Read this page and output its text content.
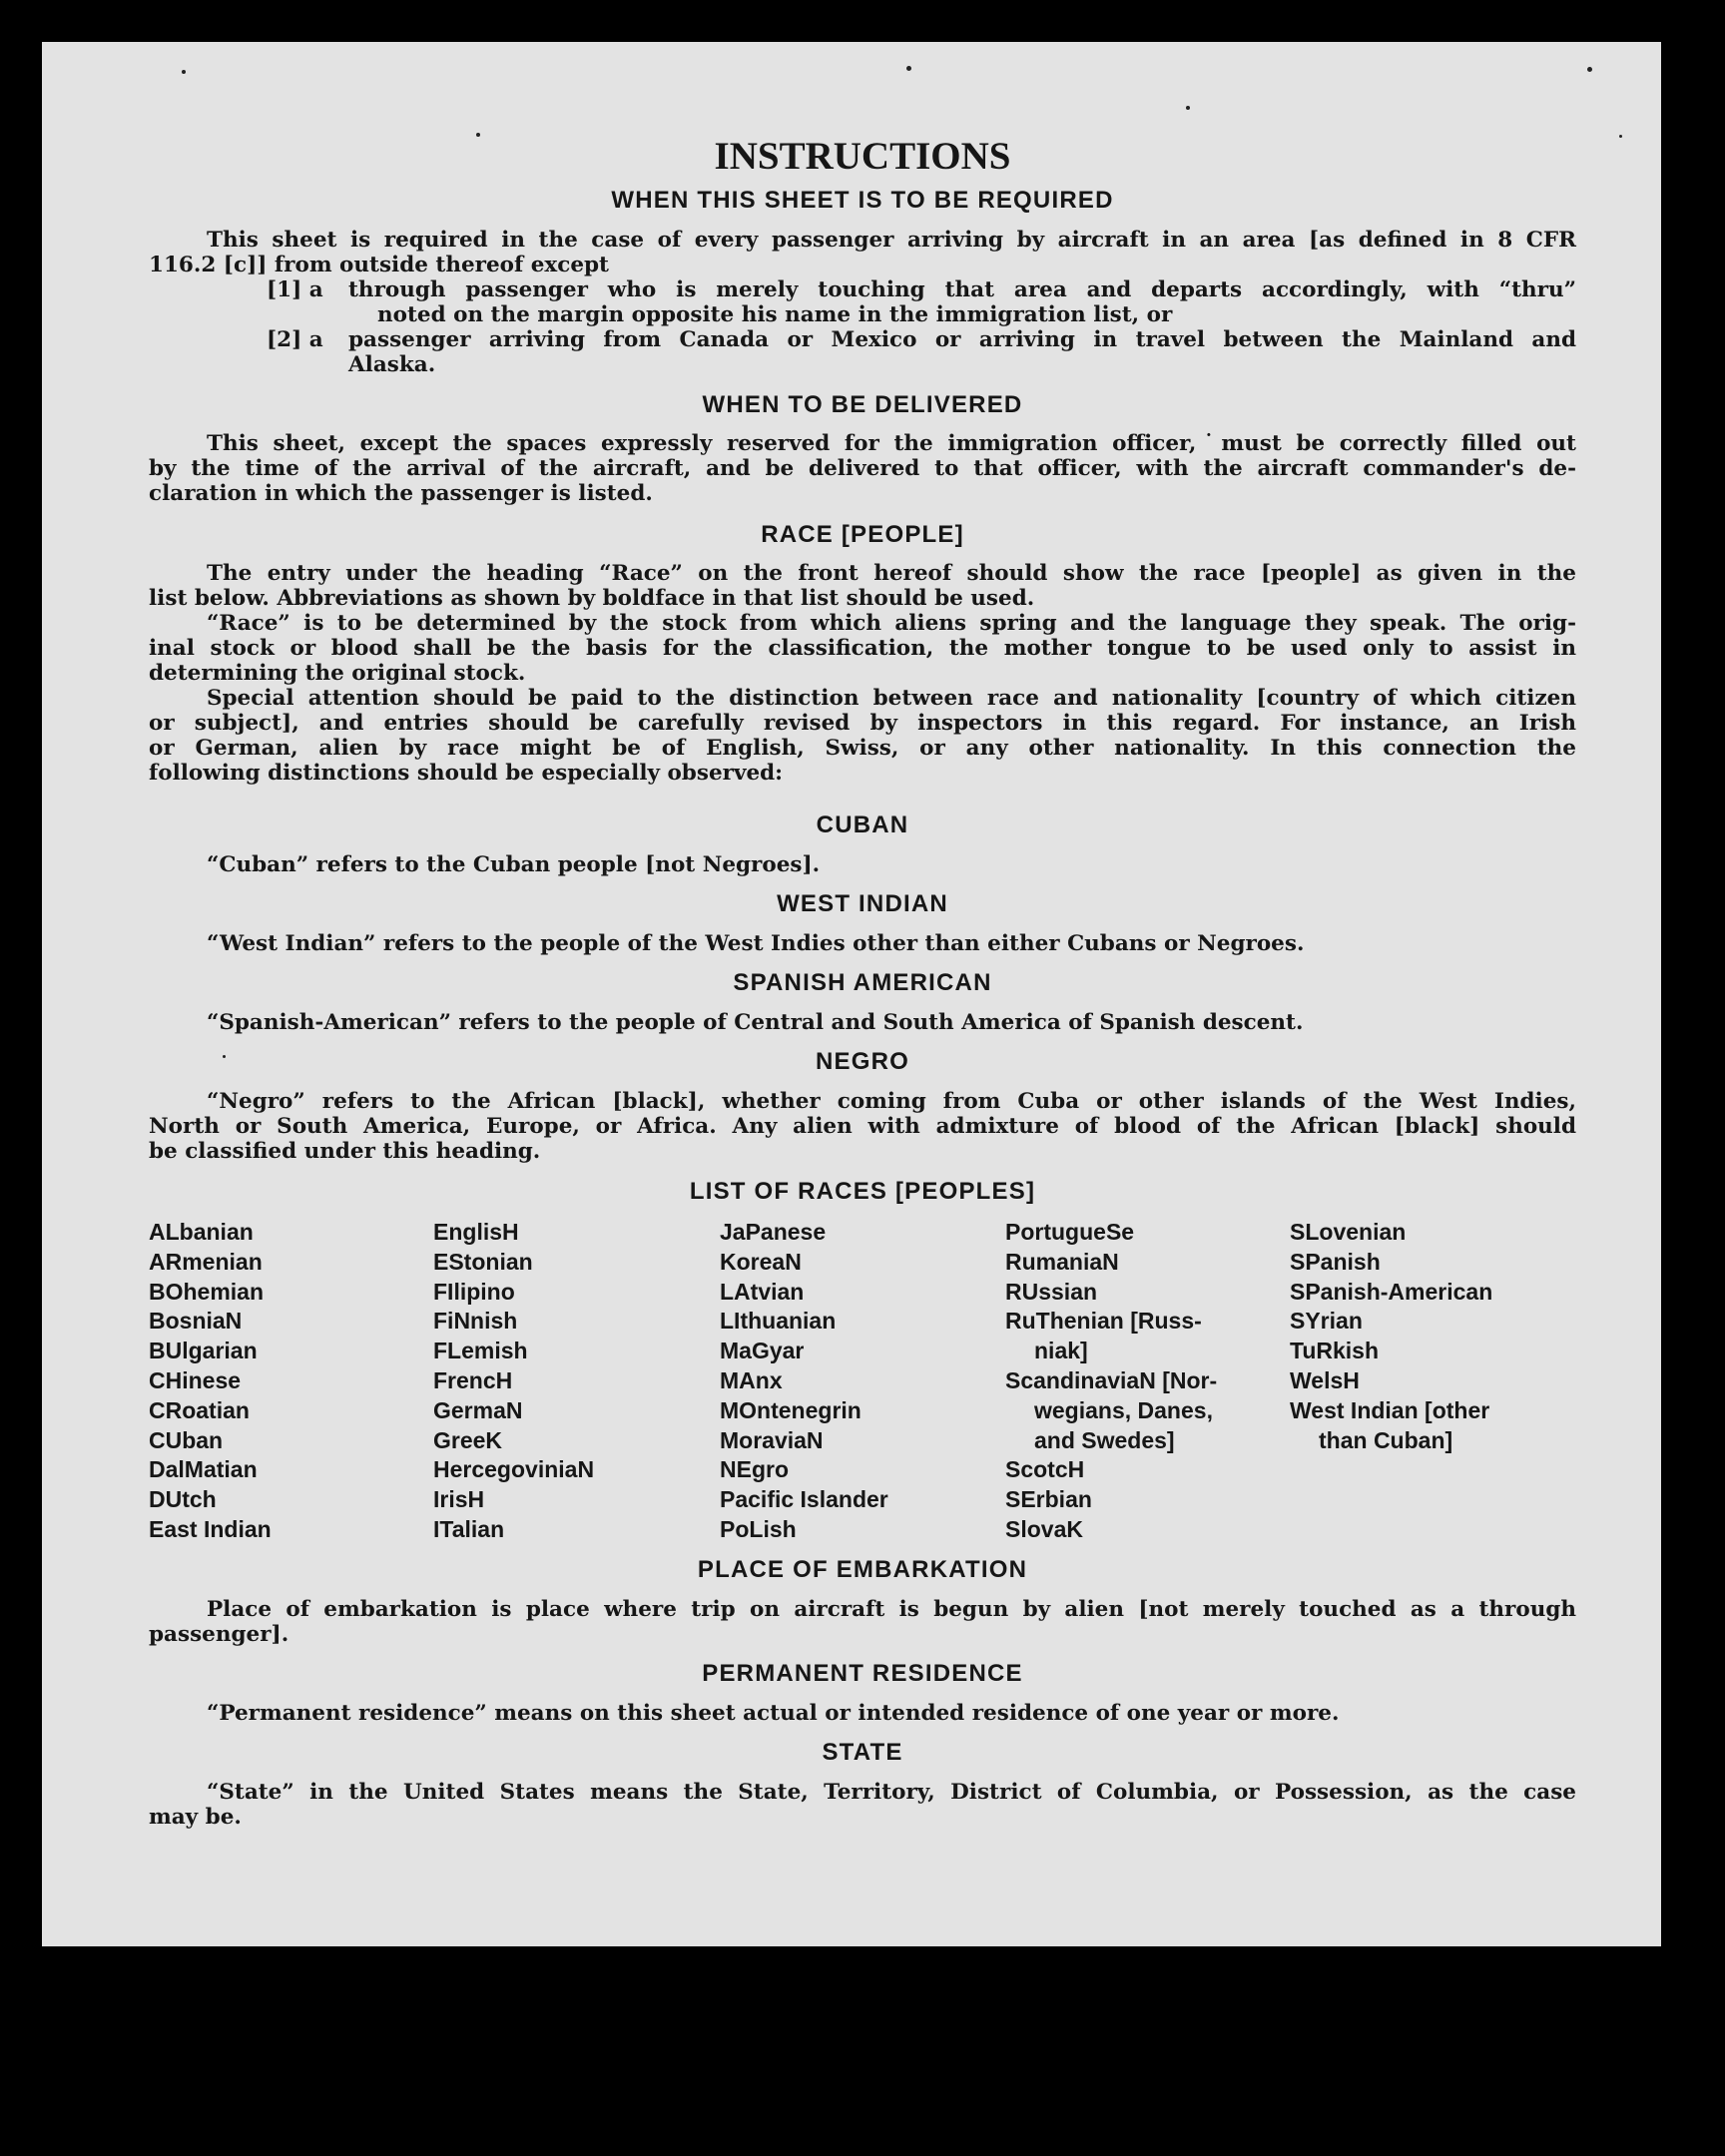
INSTRUCTIONS
WHEN THIS SHEET IS TO BE REQUIRED
This sheet is required in the case of every passenger arriving by aircraft in an area [as defined in 8 CFR
116.2 [c]] from outside thereof except
[1] a through passenger who is merely touching that area and departs accordingly, with “thru”
noted on the margin opposite his name in the immigration list, or
[2] a passenger arriving from Canada or Mexico or arriving in travel between the Mainland and
Alaska.
WHEN TO BE DELIVERED
This sheet, except the spaces expressly reserved for the immigration officer,˙must be correctly filled out
by the time of the arrival of the aircraft, and be delivered to that officer, with the aircraft commander's de-
claration in which the passenger is listed.
RACE [PEOPLE]
The entry under the heading “Race” on the front hereof should show the race [people] as given in the
list below. Abbreviations as shown by boldface in that list should be used.
“Race” is to be determined by the stock from which aliens spring and the language they speak. The orig-
inal stock or blood shall be the basis for the classification, the mother tongue to be used only to assist in
determining the original stock.
Special attention should be paid to the distinction between race and nationality [country of which citizen
or subject], and entries should be carefully revised by inspectors in this regard. For instance, an Irish
or German, alien by race might be of English, Swiss, or any other nationality. In this connection the
following distinctions should be especially observed:
CUBAN
“Cuban” refers to the Cuban people [not Negroes].
WEST INDIAN
“West Indian” refers to the people of the West Indies other than either Cubans or Negroes.
SPANISH AMERICAN
“Spanish-American” refers to the people of Central and South America of Spanish descent.
NEGRO
“Negro” refers to the African [black], whether coming from Cuba or other islands of the West Indies,
North or South America, Europe, or Africa. Any alien with admixture of blood of the African [black] should
be classified under this heading.
LIST OF RACES [PEOPLES]
ALbanian
ARmenian
BOhemian
BosniaN
BUlgarian
CHinese
CRoatian
CUban
DalMatian
DUtch
East Indian
EnglisH
EStonian
FIlipino
FiNnish
FLemish
FrencH
GermaN
GreeK
HercegoviniaN
IrisH
ITalian
JaPanese
KoreaN
LAtvian
LIthuanian
MaGyar
MAnx
MOntenegrin
MoraviaN
NEgro
Pacific Islander
PoLish
PortugueSe
RumaniaN
RUssian
RuThenian [Russ-
niak]
ScandinaviaN [Nor-
wegians, Danes,
and Swedes]
ScotcH
SErbian
SlovaK
SLovenian
SPanish
SPanish-American
SYrian
TuRkish
WelsH
West Indian [other
than Cuban]
PLACE OF EMBARKATION
Place of embarkation is place where trip on aircraft is begun by alien [not merely touched as a through
passenger].
PERMANENT RESIDENCE
“Permanent residence” means on this sheet actual or intended residence of one year or more.
STATE
“State” in the United States means the State, Territory, District of Columbia, or Possession, as the case
may be.
